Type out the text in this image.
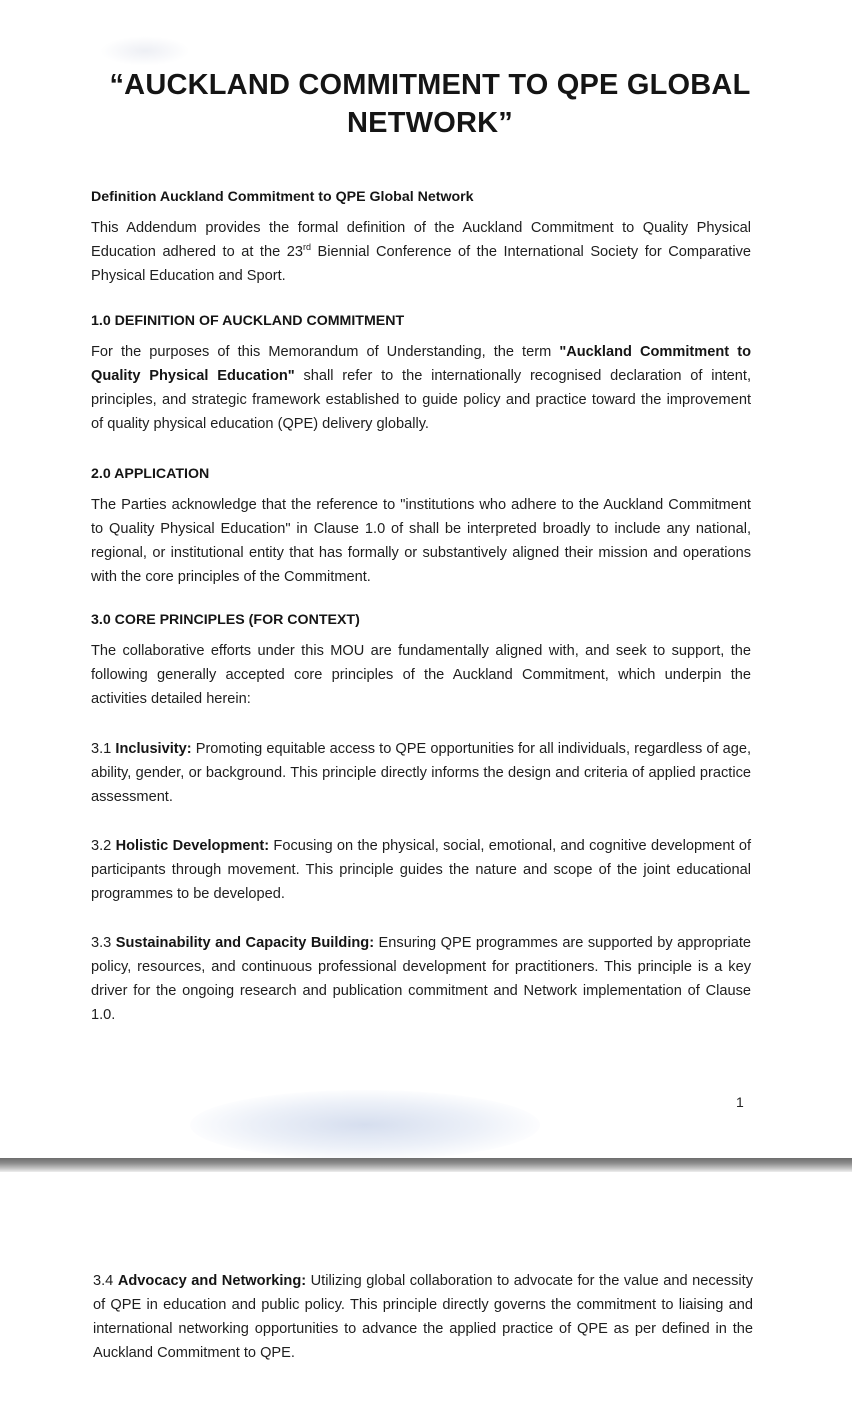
“AUCKLAND COMMITMENT TO QPE GLOBAL NETWORK”
Definition Auckland Commitment to QPE Global Network
This Addendum provides the formal definition of the Auckland Commitment to Quality Physical Education adhered to at the 23rd Biennial Conference of the International Society for Comparative Physical Education and Sport.
1.0 DEFINITION OF AUCKLAND COMMITMENT
For the purposes of this Memorandum of Understanding, the term "Auckland Commitment to Quality Physical Education" shall refer to the internationally recognised declaration of intent, principles, and strategic framework established to guide policy and practice toward the improvement of quality physical education (QPE) delivery globally.
2.0 APPLICATION
The Parties acknowledge that the reference to "institutions who adhere to the Auckland Commitment to Quality Physical Education" in Clause 1.0 of shall be interpreted broadly to include any national, regional, or institutional entity that has formally or substantively aligned their mission and operations with the core principles of the Commitment.
3.0 CORE PRINCIPLES (FOR CONTEXT)
The collaborative efforts under this MOU are fundamentally aligned with, and seek to support, the following generally accepted core principles of the Auckland Commitment, which underpin the activities detailed herein:
3.1 Inclusivity: Promoting equitable access to QPE opportunities for all individuals, regardless of age, ability, gender, or background. This principle directly informs the design and criteria of applied practice assessment.
3.2 Holistic Development: Focusing on the physical, social, emotional, and cognitive development of participants through movement. This principle guides the nature and scope of the joint educational programmes to be developed.
3.3 Sustainability and Capacity Building: Ensuring QPE programmes are supported by appropriate policy, resources, and continuous professional development for practitioners. This principle is a key driver for the ongoing research and publication commitment and Network implementation of Clause 1.0.
1
3.4 Advocacy and Networking: Utilizing global collaboration to advocate for the value and necessity of QPE in education and public policy. This principle directly governs the commitment to liaising and international networking opportunities to advance the applied practice of QPE as per defined in the Auckland Commitment to QPE.
